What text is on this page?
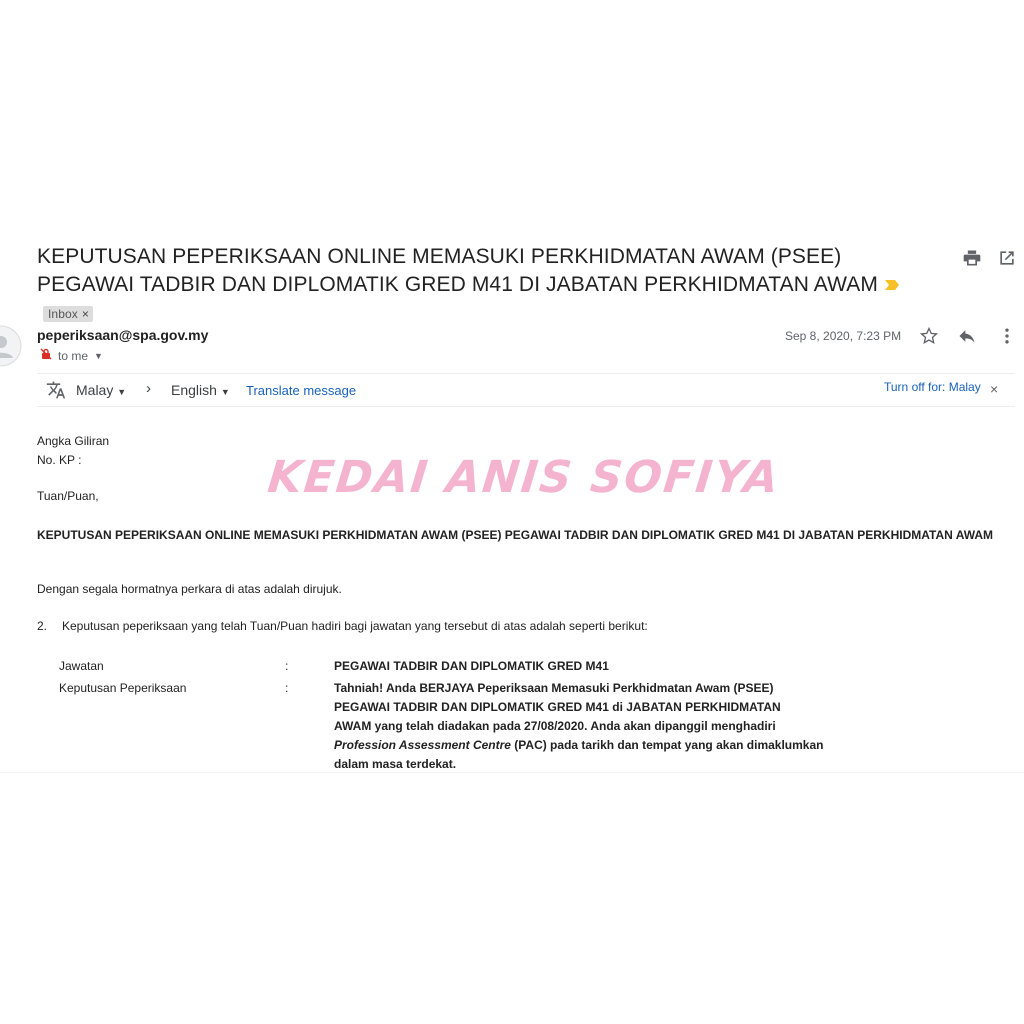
KEPUTUSAN PEPERIKSAAN ONLINE MEMASUKI PERKHIDMATAN AWAM (PSEE) PEGAWAI TADBIR DAN DIPLOMATIK GRED M41 DI JABATAN PERKHIDMATAN AWAMInbox ×
peperiksaan@spa.gov.my
to me ▼
Sep 8, 2020, 7:23 PM
Malay ▼ › English ▼ Translate message	Turn off for: Malay ×
Angka Giliran
No. KP :
Tuan/Puan,	KEDAI ANIS SOFIYA
KEPUTUSAN PEPERIKSAAN ONLINE MEMASUKI PERKHIDMATAN AWAM (PSEE) PEGAWAI TADBIR DAN DIPLOMATIK GRED M41 DI JABATAN PERKHIDMATAN AWAM
Dengan segala hormatnya perkara di atas adalah dirujuk.
2. Keputusan peperiksaan yang telah Tuan/Puan hadiri bagi jawatan yang tersebut di atas adalah seperti berikut:
Jawatan	:	PEGAWAI TADBIR DAN DIPLOMATIK GRED M41
Keputusan Peperiksaan	:	Tahniah! Anda BERJAYA Peperiksaan Memasuki Perkhidmatan Awam (PSEE)
PEGAWAI TADBIR DAN DIPLOMATIK GRED M41 di JABATAN PERKHIDMATAN
AWAM yang telah diadakan pada 27/08/2020. Anda akan dipanggil menghadiri
Profession Assessment Centre (PAC) pada tarikh dan tempat yang akan dimaklumkan
dalam masa terdekat.
